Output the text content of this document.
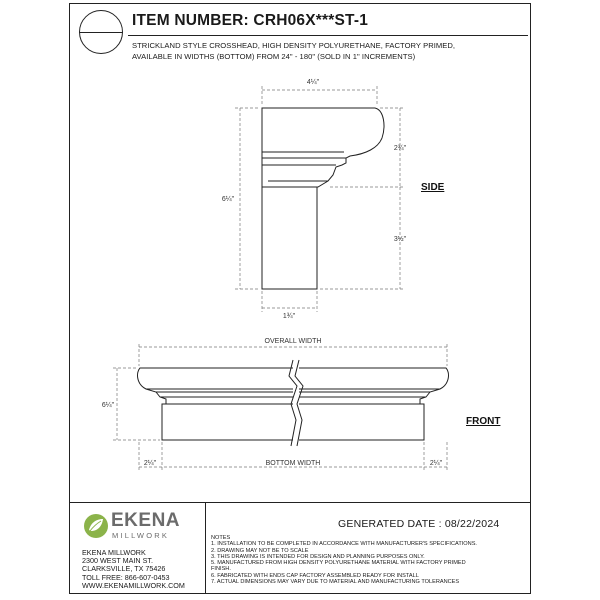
ITEM NUMBER: CRH06X***ST-1
STRICKLAND STYLE CROSSHEAD, HIGH DENSITY POLYURETHANE, FACTORY PRIMED,
AVAILABLE IN WIDTHS (BOTTOM) FROM 24" - 180" (SOLD IN 1" INCREMENTS)
4¼"
6¼"
2¾"
3½"
1¾"
SIDE
OVERALL WIDTH
6¼"
2¼"	BOTTOM WIDTH	2¼"
FRONT
EKENA
MILLWORK
EKENA MILLWORK
2300 WEST MAIN ST.
CLARKSVILLE, TX 75426
TOLL FREE: 866-607-0453
WWW.EKENAMILLWORK.COM
GENERATED DATE : 08/22/2024
NOTES
1. INSTALLATION TO BE COMPLETED IN ACCORDANCE WITH MANUFACTURER'S SPECIFICATIONS.
2. DRAWING MAY NOT BE TO SCALE
3. THIS DRAWING IS INTENDED FOR DESIGN AND PLANNING PURPOSES ONLY.
5. MANUFACTURED FROM HIGH DENSITY POLYURETHANE MATERIAL WITH FACTORY PRIMED
FINISH.
6. FABRICATED WITH ENDS CAP FACTORY ASSEMBLED READY FOR INSTALL
7. ACTUAL DIMENSIONS MAY VARY DUE TO MATERIAL AND MANUFACTURING TOLERANCES
